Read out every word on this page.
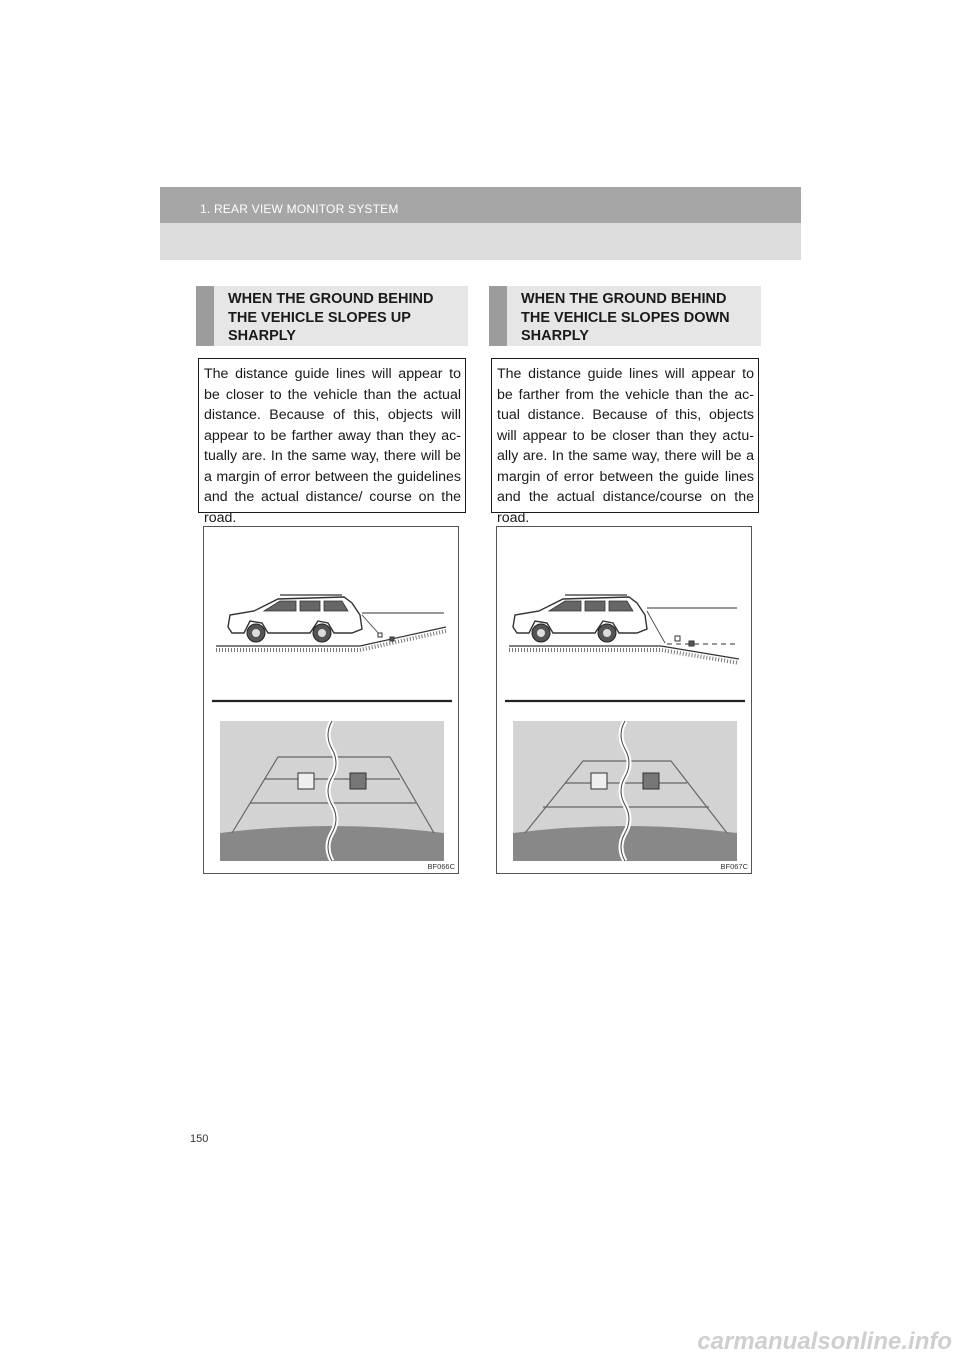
1. REAR VIEW MONITOR SYSTEM
WHEN THE GROUND BEHIND THE VEHICLE SLOPES UP SHARPLY

The distance guide lines will appear to be closer to the vehicle than the actual distance. Because of this, objects will appear to be farther away than they actually are. In the same way, there will be a margin of error between the guidelines and the actual distance/ course on the road.

BF066C
WHEN THE GROUND BEHIND THE VEHICLE SLOPES DOWN SHARPLY

The distance guide lines will appear to be farther from the vehicle than the actual distance. Because of this, objects will appear to be closer than they actually are. In the same way, there will be a margin of error between the guide lines and the actual distance/course on the road.

BF067C
150
carmanualsonline.info
